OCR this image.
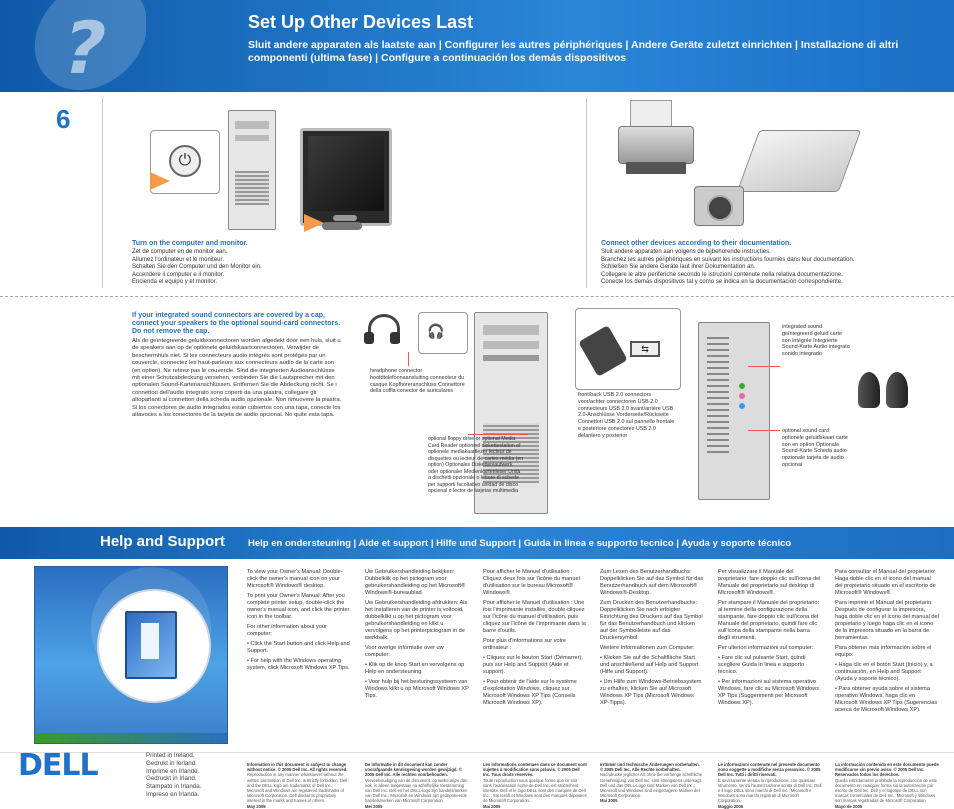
?	Set Up Other Devices Last
Sluit andere apparaten als laatste aan | Configurer les autres périphériques | Andere Geräte zuletzt einrichten | Installazione di altri componenti (ultima fase) | Configure a continuación los demás dispositivos
6
⏻
Turn on the computer and monitor.
Zet de computer en de monitor aan.
Allumez l'ordinateur et le moniteur.
Schalten Sie den Computer und den Monitor ein.
Accendere il computer e il monitor.
Encienda el equipo y el monitor.
Connect other devices according to their documentation.
Sluit andere apparaten aan volgens de bijbehorende instructies.
Branchez les autres périphériques en suivant les instructions fournies dans leur documentation.
Schließen Sie andere Geräte laut ihrer Dokumentation an.
Collegare le altre periferiche secondo le istruzioni contenute nella relativa documentazione.
Conecte los demás dispositivos tal y como se indica en la documentación correspondiente.
If your integrated sound connectors are covered by a cap, connect your speakers to the optional sound-card connectors. Do not remove the cap.
Als de geïntegreerde geluidsconnectoren worden afgedekt door een huls, sluit u de speakers aan op de optionele geluidskaartconnectoren. Verwijder de beschermhuls niet. Si les connecteurs audio intégrés sont protégés par un couvercle, connectez les haut-parleurs aux connecteurs audio de la carte son (en option). Ne retirez pas le couvercle. Sind die integrierten Audioanschlüsse mit einer Schutzabdeckung versehen, verbinden Sie die Lautsprecher mit den optionalen Sound-Kartenanschlüssen. Entfernen Sie die Abdeckung nicht. Se i connettori dell'audio integrato sono coperti da una piastra, collegare gli altoparlanti ai connettori della scheda audio opzionale. Non rimuovere la piastra. Si los conectores de audio integrados están cubiertos con una tapa, conecte los altavoces a los conectores de la tarjeta de audio opcional. No quite esta tapa.
🎧
headphone connector hoofdtelefoonaansluiting connecteur du casque Kopfhöreranschluss Connettore della cuffia conector de auriculares
⇆
front/back USB 2.0 connectors voor/achter connectoren USB 2.0 connecteurs USB 2.0 avant/arrière USB 2.0-Anschlüsse Vorderseite/Rückseite Connettori USB 2.0 sul pannello frontale e posteriore conectores USB 2.0 delantero y posterior
optional floppy drive or optional Media Card Reader optioneel diskettestation of optionele mediakaartlezer lecteur de disquettes ou lecteur de cartes média (en option) Optionales Diskettenlaufwerk oder optionaler Medienkartenleser Unità a dischetti opzionale o lettore di schede per supporti facoltativo unidad de disco opcional o lector de tarjetas multimedia
integrated sound geïntegreerd geluid carte son intégrée Integrierte Sound-Karte Audio integrato sonido integrado
optional sound card optionele geluidskaart carte son en option Optionale Sound-Karte Scheda audio opzionale tarjeta de audio opcional
Help and Support Help en ondersteuning | Aide et support | Hilfe und Support | Guida in linea e supporto tecnico | Ayuda y soporte técnico

To view your Owner's Manual: Double-click the owner's manual icon on your Microsoft® Windows® desktop.

To print your Owner's Manual: After you complete printer setup, double-click the owner's manual icon, and click the printer icon in the toolbar.

For other information about your computer:

• Click the Start button and click Help and Support.

• For help with the Windows operating system, click Microsoft Windows XP Tips.

Uw Gebruikershandleiding bekijken: Dubbelklik op het pictogram voor gebruikershandleiding op het Microsoft® Windows®-bureaublad.

Uw Gebruikershandleiding afdrukken: Als het installeren van de printer is voltooid, dubbelklikt u op het pictogram voor gebruikershandleiding en klikt u vervolgens op het printerpictogram in de werkbalk.

Voor overige informatie over uw computer:

• Klik op de knop Start en vervolgens op Help en ondersteuning.

• Voor hulp bij het besturingssysteem van Windows klikt u op Microsoft Windows XP Tips.

Pour afficher le Manuel d'utilisation : Cliquez deux fois sur l'icône du manuel d'utilisation sur le bureau Microsoft® Windows®.

Pour afficher le Manuel d'utilisation : Une fois l'imprimante installée, double-cliquez sur l'icône du manuel d'utilisation, puis cliquez sur l'icône de l'imprimante dans la barre d'outils.

Pour plus d'informations sur votre ordinateur :

• Cliquez sur le bouton Start (Démarrer), puis sur Help and Support (Aide et support).

• Pour obtenir de l'aide sur le système d'exploitation Windows, cliquez sur Microsoft Windows XP Tips (Conseils Microsoft Windows XP).

Zum Lesen des Benutzerhandbuchs: Doppelklicken Sie auf das Symbol für das Benutzerhandbuch auf dem Microsoft® Windows®-Desktop.

Zum Drucken des Benutzerhandbuchs: Doppelklicken Sie nach erfolgter Einrichtung des Druckers auf das Symbol für das Benutzerhandbuch und klicken auf der Symbolleiste auf das Druckersymbol.

Weitere Informationen zum Computer:

• Klicken Sie auf die Schaltfläche Start und anschließend auf Help and Support (Hilfe und Support).

• Um Hilfe zum Windows-Betriebssystem zu erhalten, klicken Sie auf Microsoft Windows XP Tips (Microsoft Windows XP-Tipps).

Per visualizzare il Manuale del proprietario: fare doppio clic sull'icona del Manuale del proprietario sul desktop di Microsoft® Windows®.

Per stampare il Manuale del proprietario: al termine della configurazione della stampante, fare doppio clic sull'icona del Manuale del proprietario, quindi fare clic sull'icona della stampante nella barra degli strumenti.

Per ulteriori informazioni sul computer:

• Fare clic sul pulsante Start, quindi scegliere Guida in linea e supporto tecnico.

• Per informazioni sul sistema operativo Windows, fare clic su Microsoft Windows XP Tips (Suggerimenti per Microsoft Windows XP).

Para consultar el Manual del propietario: Haga doble clic en el icono del manual del propietario situado en el escritorio de Microsoft® Windows®.

Para imprimir el Manual del propietario: Después de configurar la impresora, haga doble clic en el icono del manual del propietario y luego haga clic en el icono de la impresora situado en la barra de herramientas.

Para obtener más información sobre el equipo:

• Haga clic en el botón Start (Inicio) y, a continuación, en Help and Support (Ayuda y soporte técnico).

• Para obtener ayuda sobre el sistema operativo Windows, haga clic en Microsoft Windows XP Tips (Sugerencias acerca de Microsoft Windows XP).

DELL	Printed in Ireland.
Gedrukt in Ierland.
Imprimé en Irlande.
Gedruckt in Irland.
Stampato in Irlanda.
Impreso en Irlanda.
Information in this document is subject to change without notice. © 2005 Dell Inc. All rights reserved.
Reproduction in any manner whatsoever without the written permission of Dell Inc. is strictly forbidden. Dell and the DELL logo are trademarks of Dell Inc.; Microsoft and Windows are registered trademarks of Microsoft Corporation. Dell disclaims proprietary interest in the marks and names of others.
May 2005
De informatie in dit document kan zonder voorafgaande kennisgeving worden gewijzigd. © 2005 Dell Inc. Alle rechten voorbehouden.
Verveelvoudiging van dit document, op welke wijze dan ook, is alleen toegestaan na schriftelijke toestemming van Dell Inc. Dell en het DELL-logo zijn handelsmerken van Dell Inc.; Microsoft en Windows zijn gedeponeerde handelsmerken van Microsoft Corporation.
Mei 2005
Les informations contenues dans ce document sont sujettes à modification sans préavis. © 2005 Dell Inc. Tous droits réservés.
Toute reproduction sous quelque forme que ce soit sans l'autorisation écrite de Dell Inc. est strictement interdite. Dell et le logo DELL sont des marques de Dell Inc. ; Microsoft et Windows sont des marques déposées de Microsoft Corporation.
Mai 2005
Irrtümer und technische Änderungen vorbehalten. © 2005 Dell Inc. Alle Rechte vorbehalten.
Nachdrucke jeglicher Art ohne die vorherige schriftliche Genehmigung von Dell Inc. sind strengstens untersagt. Dell und das DELL-Logo sind Marken von Dell Inc.; Microsoft und Windows sind eingetragene Marken der Microsoft Corporation.
Mai 2005
Le informazioni contenute nel presente documento sono soggette a modifiche senza preavviso. © 2005 Dell Inc. Tutti i diritti riservati.
È severamente vietata la riproduzione, con qualsiasi strumento, senza l'autorizzazione scritta di Dell Inc. Dell e il logo DELL sono marchi di Dell Inc.; Microsoft e Windows sono marchi registrati di Microsoft Corporation.
Maggio 2005
La información contenida en este documento puede modificarse sin previo aviso. © 2005 Dell Inc. Reservados todos los derechos.
Queda estrictamente prohibida la reproducción de este documento en cualquier forma sin la autorización por escrito de Dell Inc. Dell y el logotipo de DELL son marcas comerciales de Dell Inc.; Microsoft y Windows son marcas registradas de Microsoft Corporation.
Mayo de 2005
